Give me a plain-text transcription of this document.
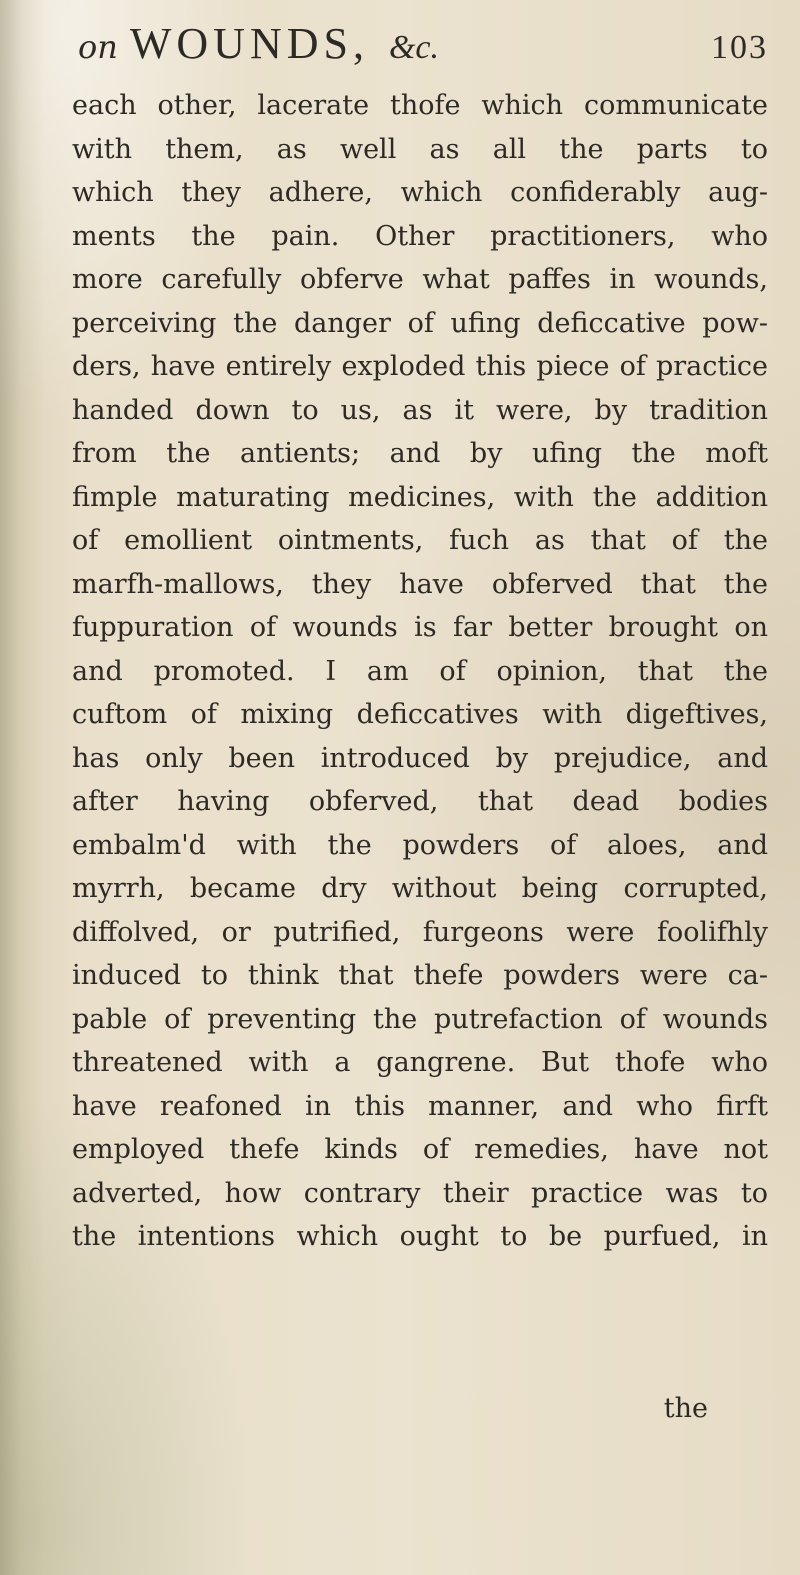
on WOUNDS, &c.	103
each other, lacerate thofe which communicate
with them, as well as all the parts to
which they adhere, which confiderably aug-
ments the pain. Other practitioners, who
more carefully obferve what paffes in wounds,
perceiving the danger of ufing deficcative pow-
ders, have entirely exploded this piece of practice
handed down to us, as it were, by tradition
from the antients; and by ufing the moft
fimple maturating medicines, with the addition
of emollient ointments, fuch as that of the
marfh-mallows, they have obferved that the
fuppuration of wounds is far better brought on
and promoted. I am of opinion, that the
cuftom of mixing deficcatives with digeftives,
has only been introduced by prejudice, and
after having obferved, that dead bodies
embalm'd with the powders of aloes, and
myrrh, became dry without being corrupted,
diffolved, or putrified, furgeons were foolifhly
induced to think that thefe powders were ca-
pable of preventing the putrefaction of wounds
threatened with a gangrene. But thofe who
have reafoned in this manner, and who firft
employed thefe kinds of remedies, have not
adverted, how contrary their practice was to
the intentions which ought to be purfued, in
the
